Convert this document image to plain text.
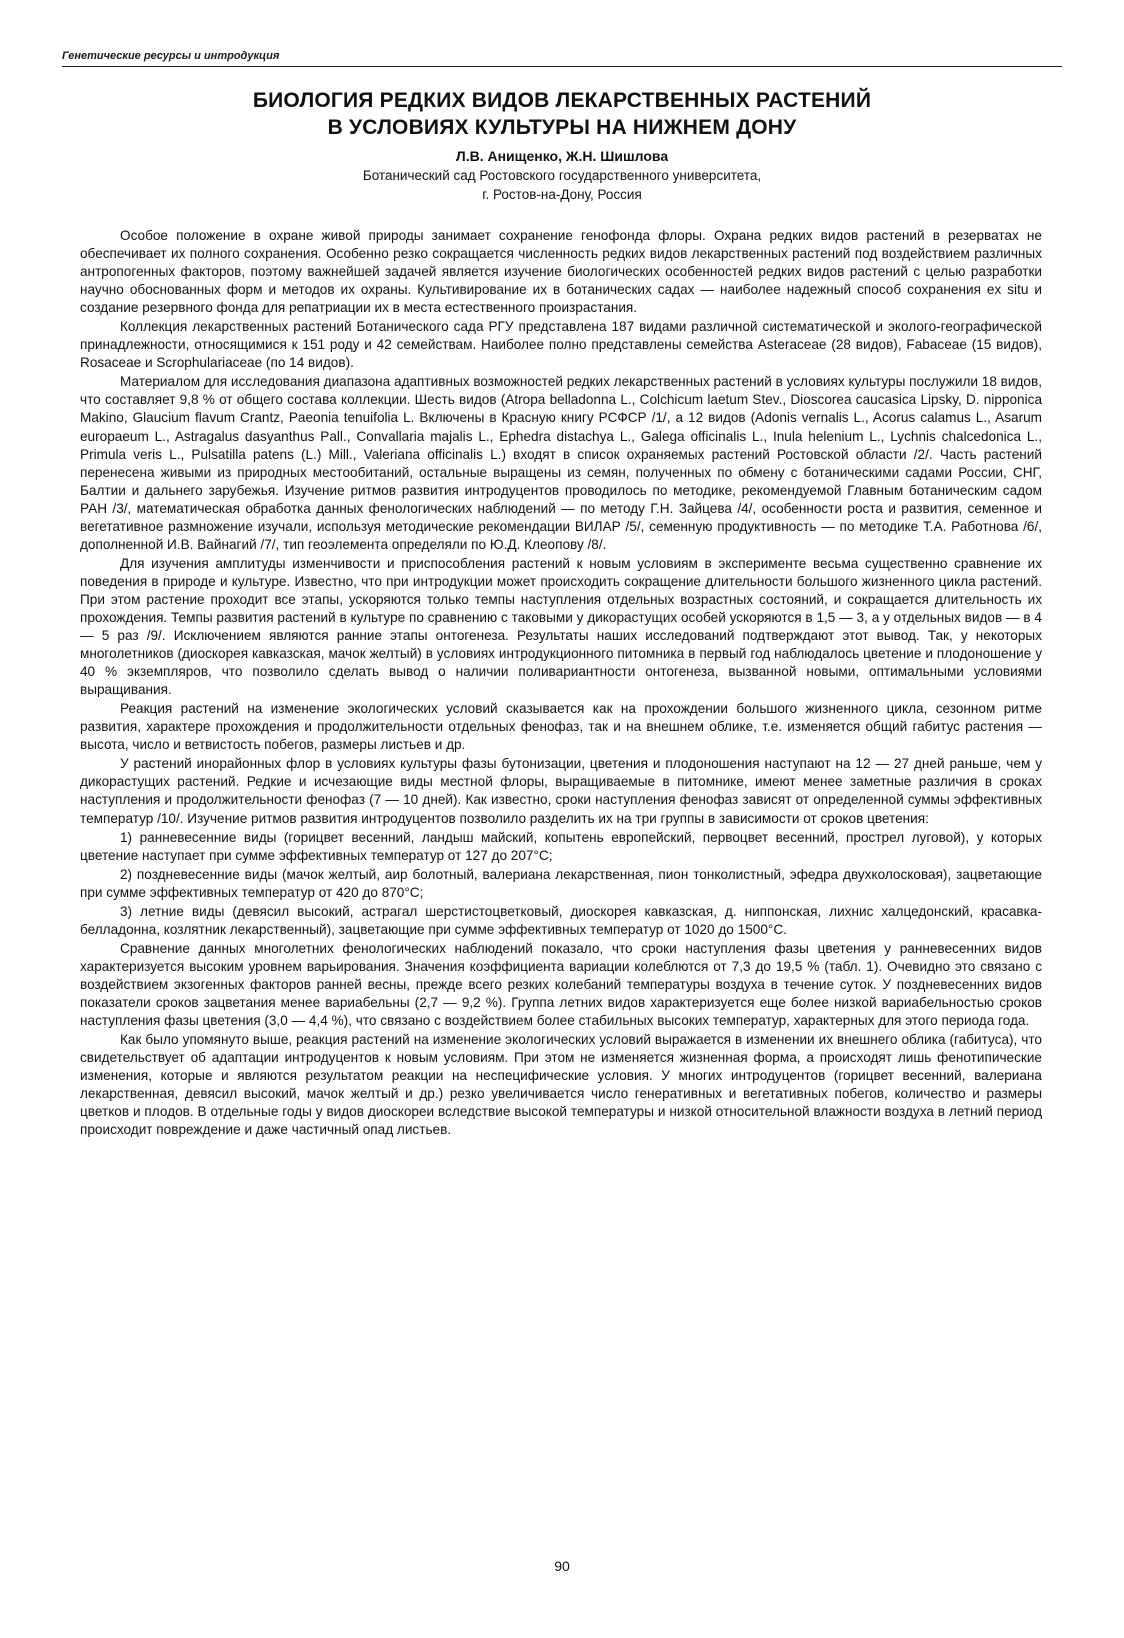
Генетические ресурсы и интродукция
БИОЛОГИЯ РЕДКИХ ВИДОВ ЛЕКАРСТВЕННЫХ РАСТЕНИЙ
В УСЛОВИЯХ КУЛЬТУРЫ НА НИЖНЕМ ДОНУ
Л.В. Анищенко, Ж.Н. Шишлова
Ботанический сад Ростовского государственного университета,
г. Ростов-на-Дону, Россия

Особое положение в охране живой природы занимает сохранение генофонда флоры. Охрана редких видов растений в резерватах не обеспечивает их полного сохранения. Особенно резко сокращается численность редких видов лекарственных растений под воздействием различных антропогенных факторов, поэтому важнейшей задачей является изучение биологических особенностей редких видов растений с целью разработки научно обоснованных форм и методов их охраны. Культивирование их в ботанических садах — наиболее надежный способ сохранения ex situ и создание резервного фонда для репатриации их в места естественного произрастания.

Коллекция лекарственных растений Ботанического сада РГУ представлена 187 видами различной систематической и эколого-географической принадлежности, относящимися к 151 роду и 42 семействам. Наиболее полно представлены семейства Asteraceae (28 видов), Fabaceae (15 видов), Rosaceae и Scrophulariaceae (по 14 видов).

Материалом для исследования диапазона адаптивных возможностей редких лекарственных растений в условиях культуры послужили 18 видов, что составляет 9,8 % от общего состава коллекции. Шесть видов (Atropa belladonna L., Colchicum laetum Stev., Dioscorea caucasica Lipsky, D. nipponica Makino, Glaucium flavum Crantz, Paeonia tenuifolia L. Включены в Красную книгу РСФСР /1/, а 12 видов (Adonis vernalis L., Acorus calamus L., Asarum europaeum L., Astragalus dasyanthus Pall., Convallaria majalis L., Ephedra distachya L., Galega officinalis L., Inula helenium L., Lychnis chalcedonica L., Primula veris L., Pulsatilla patens (L.) Mill., Valeriana officinalis L.) входят в список охраняемых растений Ростовской области /2/. Часть растений перенесена живыми из природных местообитаний, остальные выращены из семян, полученных по обмену с ботаническими садами России, СНГ, Балтии и дальнего зарубежья. Изучение ритмов развития интродуцентов проводилось по методике, рекомендуемой Главным ботаническим садом РАН /3/, математическая обработка данных фенологических наблюдений — по методу Г.Н. Зайцева /4/, особенности роста и развития, семенное и вегетативное размножение изучали, используя методические рекомендации ВИЛАР /5/, семенную продуктивность — по методике Т.А. Работнова /6/, дополненной И.В. Вайнагий /7/, тип геоэлемента определяли по Ю.Д. Клеопову /8/.

Для изучения амплитуды изменчивости и приспособления растений к новым условиям в эксперименте весьма существенно сравнение их поведения в природе и культуре. Известно, что при интродукции может происходить сокращение длительности большого жизненного цикла растений. При этом растение проходит все этапы, ускоряются только темпы наступления отдельных возрастных состояний, и сокращается длительность их прохождения. Темпы развития растений в культуре по сравнению с таковыми у дикорастущих особей ускоряются в 1,5 — 3, а у отдельных видов — в 4 — 5 раз /9/. Исключением являются ранние этапы онтогенеза. Результаты наших исследований подтверждают этот вывод. Так, у некоторых многолетников (диоскорея кавказская, мачок желтый) в условиях интродукционного питомника в первый год наблюдалось цветение и плодоношение у 40 % экземпляров, что позволило сделать вывод о наличии поливариантности онтогенеза, вызванной новыми, оптимальными условиями выращивания.

Реакция растений на изменение экологических условий сказывается как на прохождении большого жизненного цикла, сезонном ритме развития, характере прохождения и продолжительности отдельных фенофаз, так и на внешнем облике, т.е. изменяется общий габитус растения — высота, число и ветвистость побегов, размеры листьев и др.

У растений инорайонных флор в условиях культуры фазы бутонизации, цветения и плодоношения наступают на 12 — 27 дней раньше, чем у дикорастущих растений. Редкие и исчезающие виды местной флоры, выращиваемые в питомнике, имеют менее заметные различия в сроках наступления и продолжительности фенофаз (7 — 10 дней). Как известно, сроки наступления фенофаз зависят от определенной суммы эффективных температур /10/. Изучение ритмов развития интродуцентов позволило разделить их на три группы в зависимости от сроков цветения:

1) ранневесенние виды (горицвет весенний, ландыш майский, копытень европейский, первоцвет весенний, прострел луговой), у которых цветение наступает при сумме эффективных температур от 127 до 207°С;

2) поздневесенние виды (мачок желтый, аир болотный, валериана лекарственная, пион тонколистный, эфедра двухколосковая), зацветающие при сумме эффективных температур от 420 до 870°С;

3) летние виды (девясил высокий, астрагал шерстистоцветковый, диоскорея кавказская, д. ниппонская, лихнис халцедонский, красавка-белладонна, козлятник лекарственный), зацветающие при сумме эффективных температур от 1020 до 1500°С.

Сравнение данных многолетних фенологических наблюдений показало, что сроки наступления фазы цветения у ранневесенних видов характеризуется высоким уровнем варьирования. Значения коэффициента вариации колеблются от 7,3 до 19,5 % (табл. 1). Очевидно это связано с воздействием экзогенных факторов ранней весны, прежде всего резких колебаний температуры воздуха в течение суток. У поздневесенних видов показатели сроков зацветания менее вариабельны (2,7 — 9,2 %). Группа летних видов характеризуется еще более низкой вариабельностью сроков наступления фазы цветения (3,0 — 4,4 %), что связано с воздействием более стабильных высоких температур, характерных для этого периода года.

Как было упомянуто выше, реакция растений на изменение экологических условий выражается в изменении их внешнего облика (габитуса), что свидетельствует об адаптации интродуцентов к новым условиям. При этом не изменяется жизненная форма, а происходят лишь фенотипические изменения, которые и являются результатом реакции на неспецифические условия. У многих интродуцентов (горицвет весенний, валериана лекарственная, девясил высокий, мачок желтый и др.) резко увеличивается число генеративных и вегетативных побегов, количество и размеры цветков и плодов. В отдельные годы у видов диоскореи вследствие высокой температуры и низкой относительной влажности воздуха в летний период происходит повреждение и даже частичный опад листьев.

90
